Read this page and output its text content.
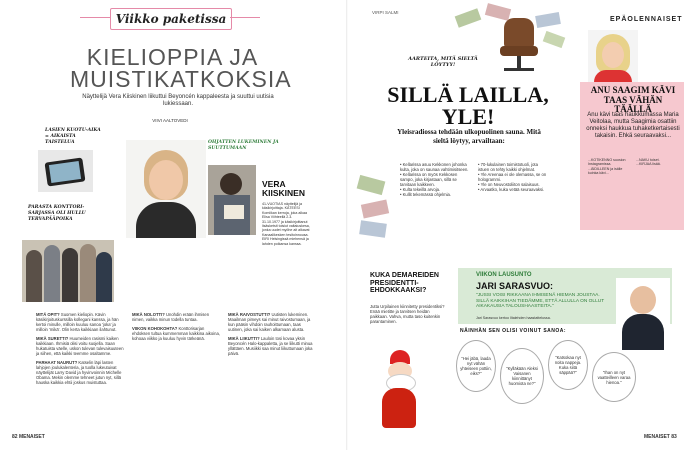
Viikko paketissa
KIELIOPPIA JA MUISTIKATKOKSIA
Näyttelijä Vera Kiiskinen liikuttui Beyoncén kappaleesta ja suuttui uutisia lukiessaan.
VIIVI AALTOVEDI
LASIEN KUOTU-AIKA = AIKAISTA TAISTELUA
PARASTA KONTTORI-SARJASSA OLI HULLU TERVAPÄÄPOIKA
OHJATTEN LUKEMINEN JA SUUTTUMAAN
VERA KIISKINEN
41-VUOTIAS näyttelijä ja käsikirjoittaja. KÄTEESI Komiikan kerroja, joka alkaa Elisa Viihteellä 2.3. 31.10.1977 ja käsikirjoittanut lisäsketsit toisiut valtaiuskesa, jonka uudet myöhe ait alkavat Kanaalikesken tesitoinnousa. EIRI Helsingissä miehensä ja lahden poikansa kanssa.

MITÄ OPIT? Suomen kieliopin. Kävin käsikirjoituskurssilla kollegani kanssa, ja hän kertoi minulle, milloin kuuluu sanoa 'joka' ja milloin 'mikä'. Olin kerta kaikkiaan ilahtunut.

MIKÄ SURETTI? Huumeiden rasismi kaiken kaikkiaan. Ihmisiä olisi voitu suojella. Saan hukatuista väelle, uskon tulevan tulevaisuuteen ja siihen, että kaikki teemme osaltamme.

PARHAAT NAURUT? Katselin läpi lasten lahjojen joulukalenteria, ja tuolla lukeutuivat näyttelijät Larry David ja hyvinvoinnin Michelle Obama. Mekin olemme tehneet jutun nyt, sillä hauska kaikkia ehtii joskus muistuttaa.

MIKÄ NOLOTTI? Unohdin erään ihmisen nimen, vaikka minun todella tuntaa.

VIIKON KOHOKOHTA? Konttorisarjan ehdoksen tultua kummemman kaikkina aikoina, kohoaa viikko ja kuuluu hyvin tärkeänä.

MIKÄ RAIVOSTUTTI? Uutisten lukeminen. Maailman pimeys sai minut raivostumaan, ja kun pääsin vihdoin rauhoittumaan, taas uutinen, joka sai kaiken alkamaan alusta.

MIKÄ LIIKUTTI? Lauloin tosi kovaa yksin Beyoncén Halo-kappaletta, ja se liikutti minua yllättäen. Musiikki saa minut liikuttumaan joka päivä.

82 MENAISET
VIRPI SALMI
AARTEITA, MITÄ SIELTÄ LÖYTYY!
SILLÄ LAILLA, YLE!
Yleisradiossa tehdään ulkopuolinen sauna. Mitä sieltä löytyy, arvailtaan:
• Kellarissa asuu Kekkonen johonka kulta, joka on saunaa vahtimisitseen.
• Kellarissa on myös Kekkosen sampo, joka kirjastaan, sillä se tarvitaan kaikkeen.
• Kulta tekeillä arvoja.
• Kullit tekemässä ohjelmia.
• 70-lukulainen toimistotuoli, jota istuen on tehty kaikki ohjelmat.
• Yle Areenaa ei ole olemassa, se on hologrammi.
• Yle on Neuvostoliiton salaisuus.
• Arvaatko, kuka vetää seuraavaksi.
EPÄOLENNAISET
ANU SAAGIM KÄVI TAAS VÄHÄN TÄÄLLÄ
Anu kävi taas haukkumassa Maria Veitolaa, mutta Saagimia osattiin onneksi haukkua tuhaketkertaisesti takaisin. Ehkä seuraavaksi...
...KOTIKENNO suosion Instagramissa.
...ÄIDILLEEN ja isälle kuinka kävi...
...NAKU toiset.
...KIRJAA lisää.
KUKA DEMAREIDEN PRESIDENTTI-EHDOKKAAKSI?
Jutta Urpilainen kiinnitetty presidentiksi? Enää mietitte ja tarvitsen heidän paikkaan. Vahva, mutta taso kuitenkin parantaminen.
VIIKON LAUSUNTO
JARI SARASVUO:
"JUSSI VOISI RIKKAANA IHMISENÄ HIEMAN JOUSTAA. SILLÄ KAIKKIHAN TIEDÄMME, ETTÄ ALLULLA ON OLLUT AIKAKAUSIA TALOUSHAASTEITA."
Jari Sarasvuo kertoo Iltalehden haastattelussa.
NÄINHÄN SEN OLISI VOINUT SANOA:
"Hei jäbä, laada nyt vähän yhteiseen pottiin, eiks?"
"Kylläkään Aleksi Vaisanen kiinnittänyt huomiota ne?"
"Katsokaa nyt noita nappeja. Kuka siitä säppää?"	"Ihan on nyt vaatteilleen varaa hienoa."
MENAISET 83
